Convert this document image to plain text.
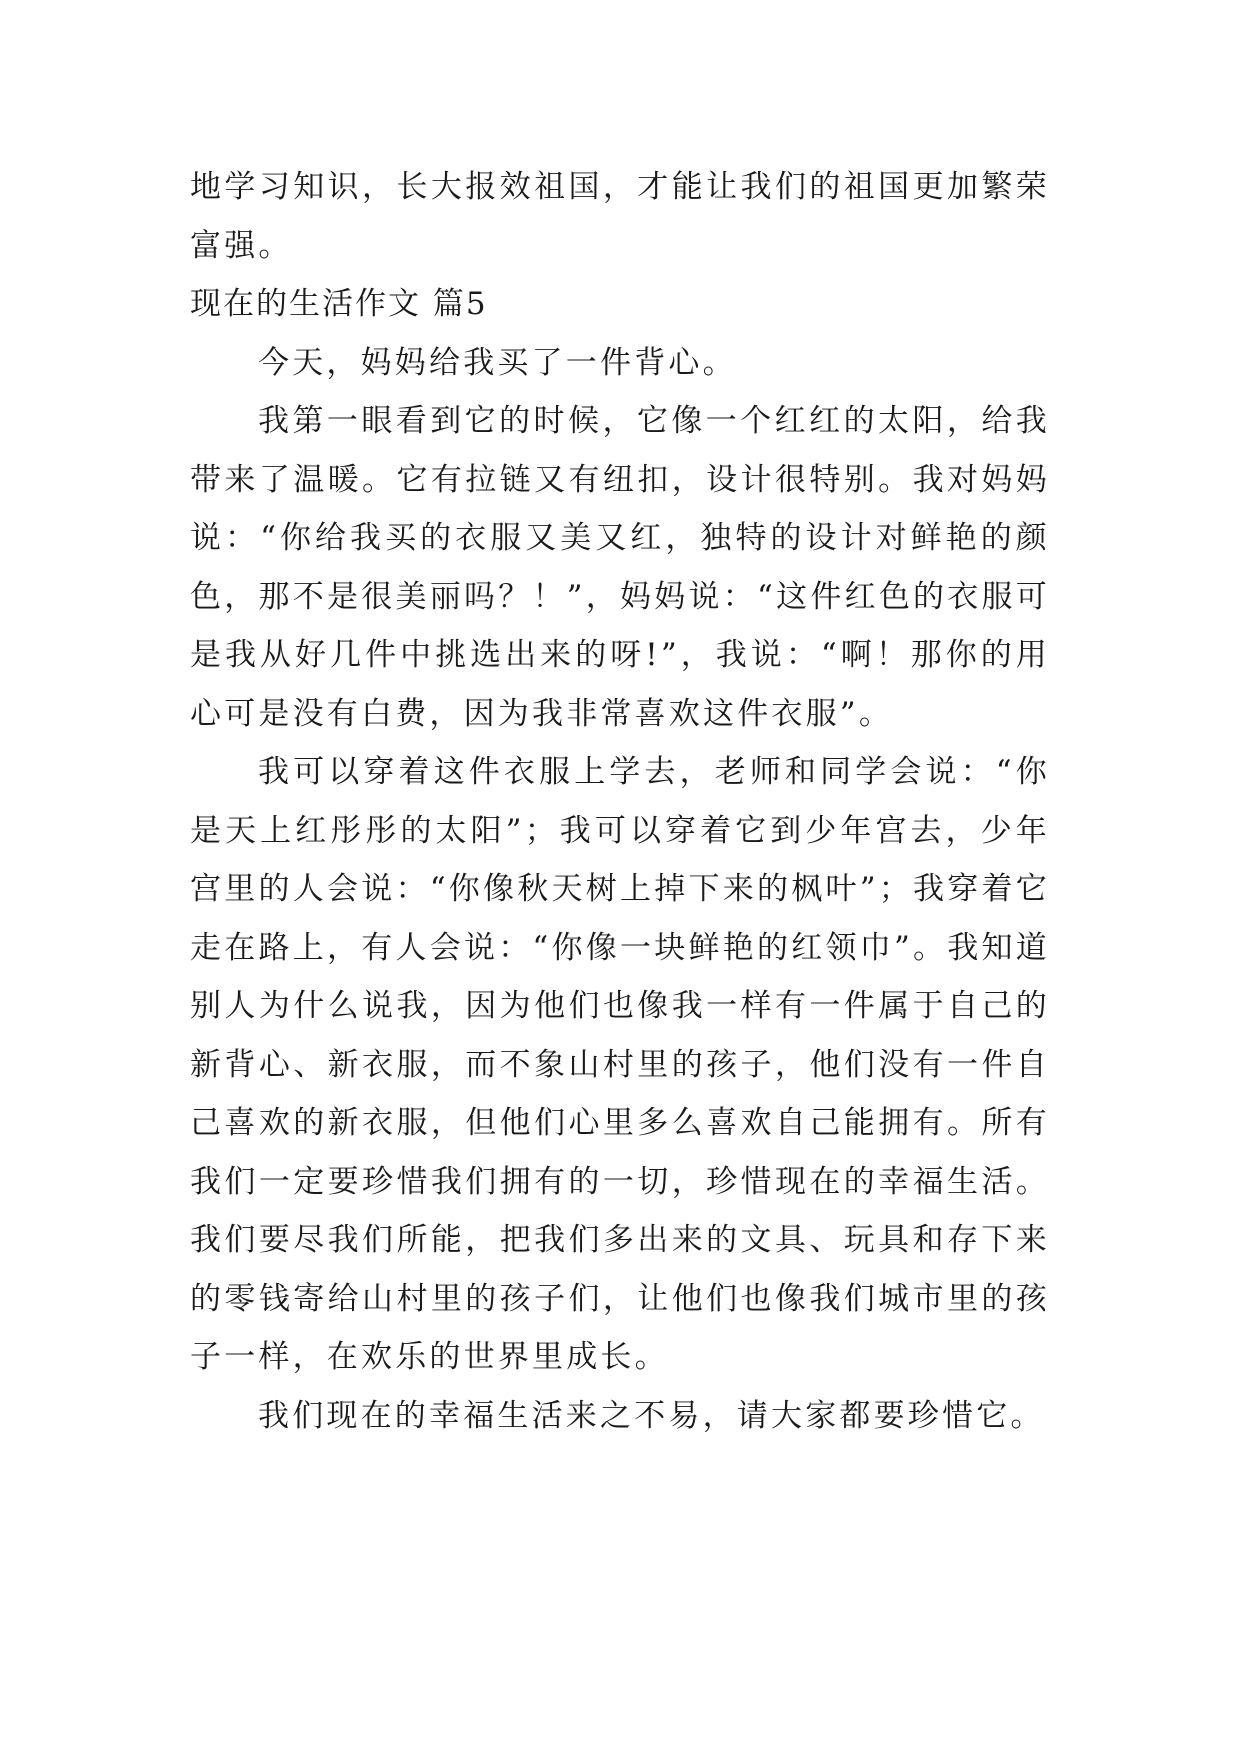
地学习知识，长大报效祖国，才能让我们的祖国更加繁荣富强。

现在的生活作文 篇5

今天，妈妈给我买了一件背心。

我第一眼看到它的时候，它像一个红红的太阳，给我带来了温暖。它有拉链又有纽扣，设计很特别。我对妈妈说：“你给我买的衣服又美又红，独特的设计对鲜艳的颜色，那不是很美丽吗？！”，妈妈说：“这件红色的衣服可是我从好几件中挑选出来的呀!”，我说：“啊！那你的用心可是没有白费，因为我非常喜欢这件衣服”。

我可以穿着这件衣服上学去，老师和同学会说：“你是天上红彤彤的太阳”；我可以穿着它到少年宫去，少年宫里的人会说：“你像秋天树上掉下来的枫叶”；我穿着它走在路上，有人会说：“你像一块鲜艳的红领巾”。我知道别人为什么说我，因为他们也像我一样有一件属于自己的新背心、新衣服，而不象山村里的孩子，他们没有一件自己喜欢的新衣服，但他们心里多么喜欢自己能拥有。所有我们一定要珍惜我们拥有的一切，珍惜现在的幸福生活。我们要尽我们所能，把我们多出来的文具、玩具和存下来的零钱寄给山村里的孩子们，让他们也像我们城市里的孩子一样，在欢乐的世界里成长。

我们现在的幸福生活来之不易，请大家都要珍惜它。
